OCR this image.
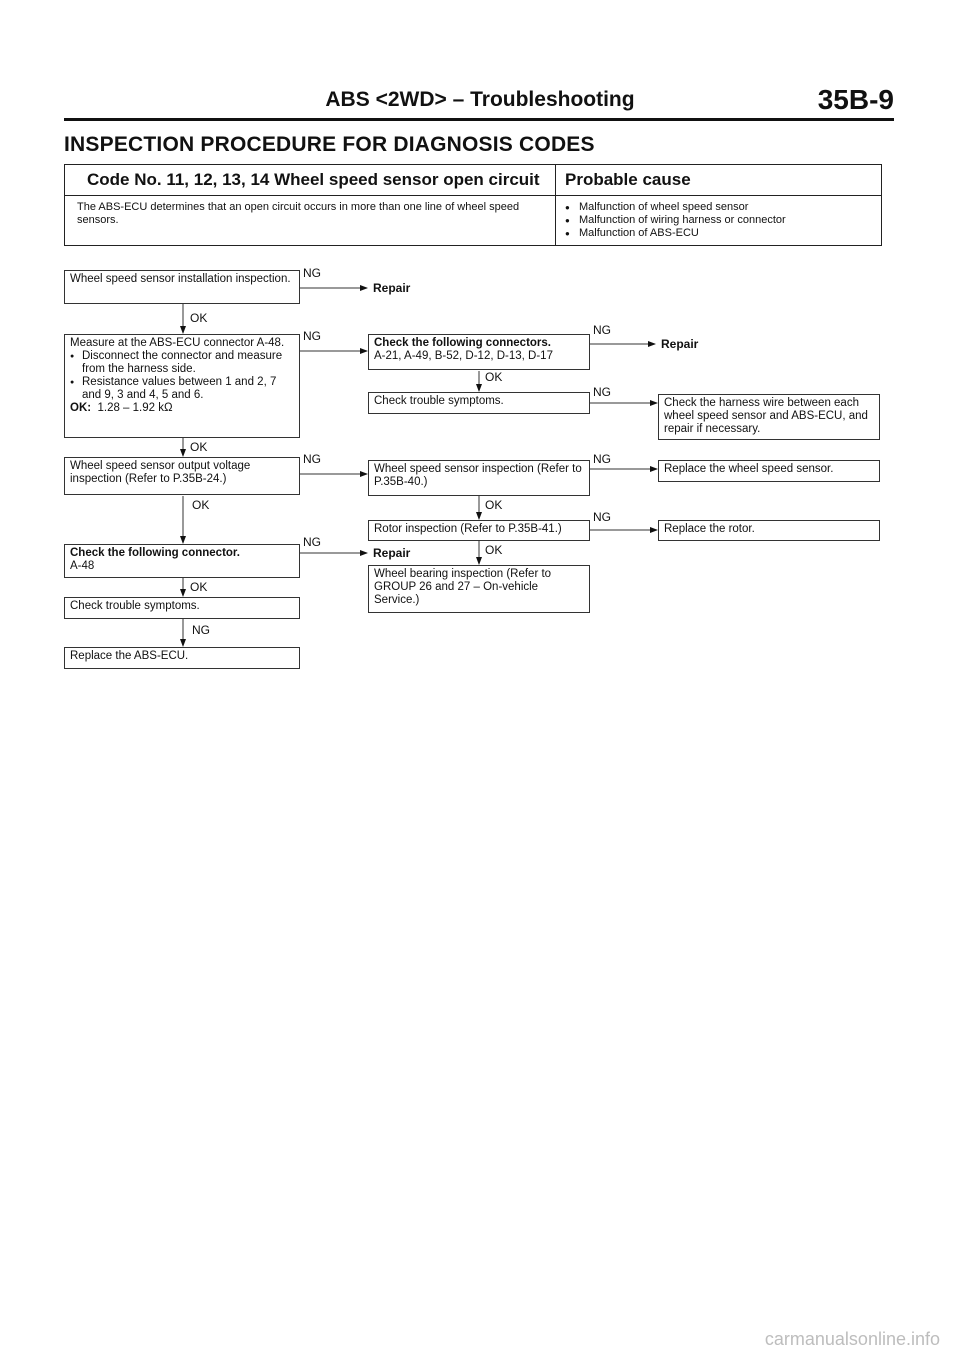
ABS <2WD> – Troubleshooting	35B-9
INSPECTION PROCEDURE FOR DIAGNOSIS CODES
Code No. 11, 12, 13, 14 Wheel speed sensor open circuit Probable cause
The ABS-ECU determines that an open circuit occurs in more than one line of wheel speed sensors.
● Malfunction of wheel speed sensor
● Malfunction of wiring harness or connector
● Malfunction of ABS-ECU
Wheel speed sensor installation inspection.
OK
NG
Repair
Measure at the ABS-ECU connector A-48.
● Disconnect the connector and measure from the harness side.
● Resistance values between 1 and 2, 7 and 9, 3 and 4, 5 and 6.
OK: 1.28 – 1.92 kΩ
NG
OK
Wheel speed sensor output voltage inspection (Refer to P.35B-24.)
NG
OK
Check the following connector.
A-48
NG
Repair
OK
Check trouble symptoms.
NG
Replace the ABS-ECU.
Check the following connectors.
A-21, A-49, B-52, D-12, D-13, D-17
NG
Repair
OK
Check trouble symptoms.
NG
Wheel speed sensor inspection (Refer to P.35B-40.)
NG
OK
Rotor inspection (Refer to P.35B-41.)
NG
OK
Wheel bearing inspection (Refer to GROUP 26 and 27 – On-vehicle Service.)
Check the harness wire between each wheel speed sensor and ABS-ECU, and repair if necessary.
Replace the wheel speed sensor.
Replace the rotor.
carmanualsonline.info
